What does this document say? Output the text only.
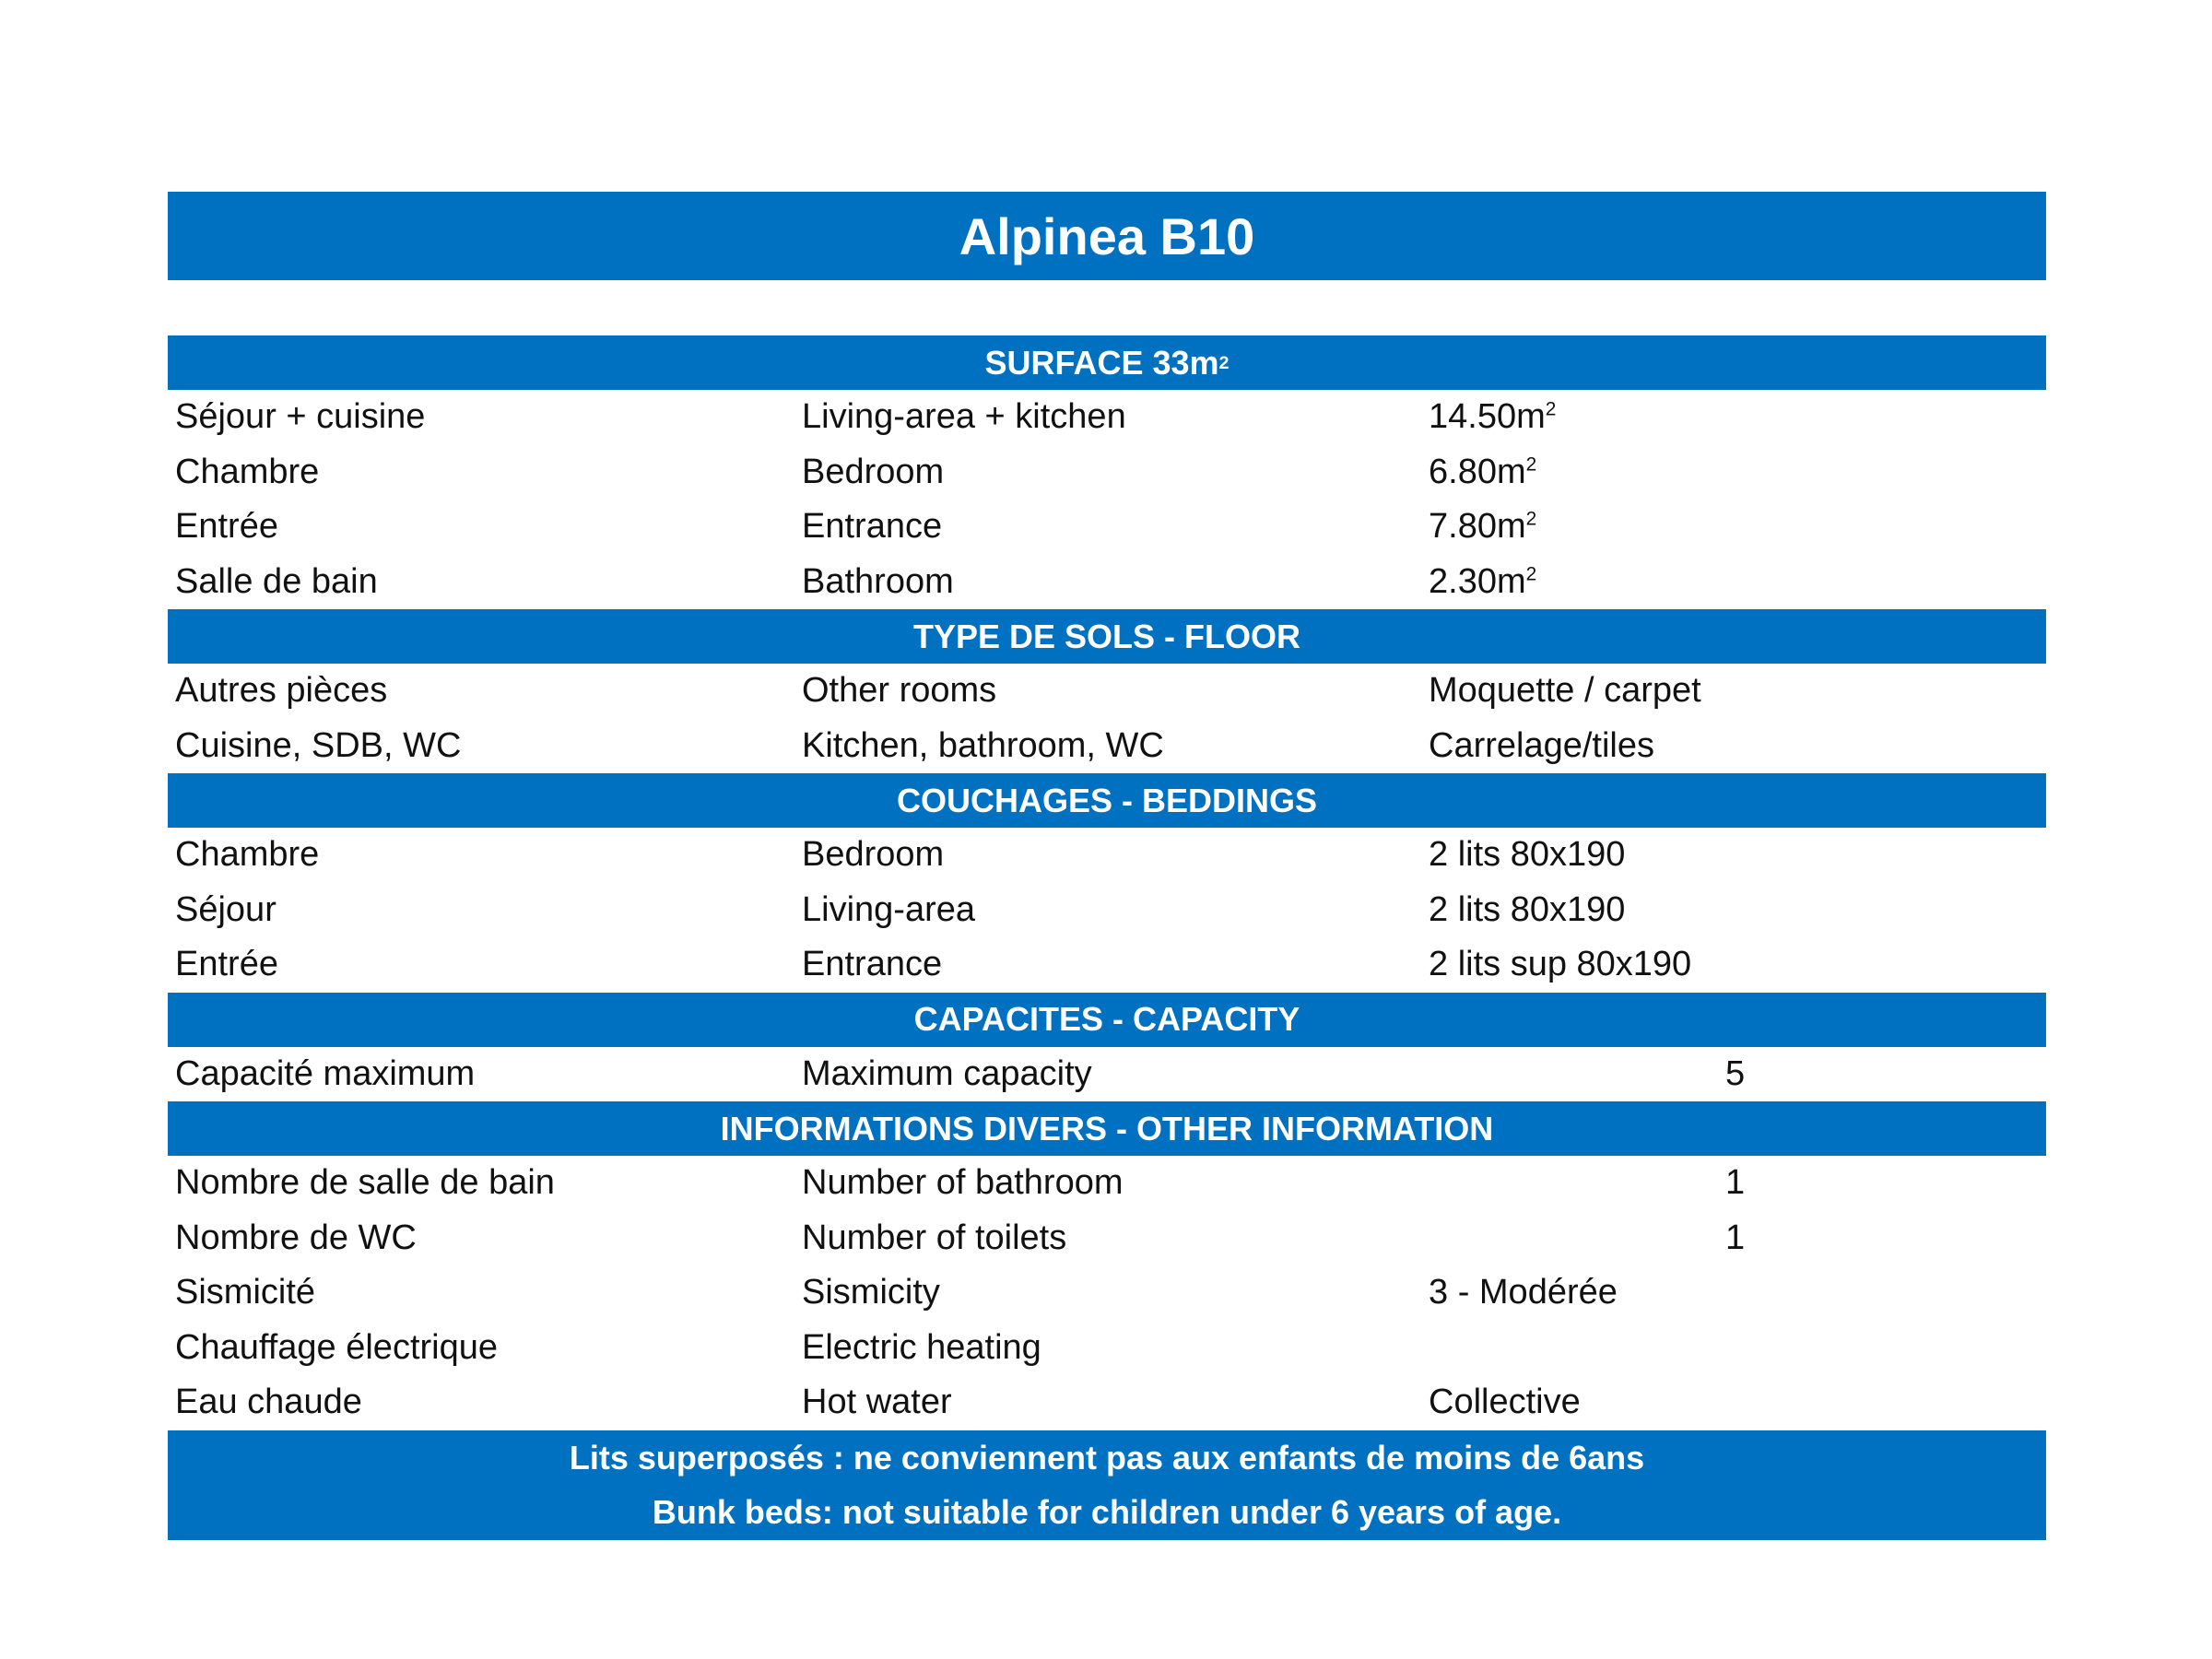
Alpinea B10
SURFACE 33m 2
Séjour + cuisine	Living-area + kitchen	$14.50m^2$
Chambre	Bedroom	$6.80m^2$
Entrée	Entrance	$7.80m^2$
Salle de bain	Bathroom	$2.30m^2$
TYPE DE SOLS - FLOOR
Autres pièces	Other rooms	Moquette / carpet
Cuisine, SDB, WC	Kitchen, bathroom, WC	Carrelage/tiles
COUCHAGES - BEDDINGS
Chambre	Bedroom	2 lits 80x190
Séjour	Living-area	2 lits 80x190
Entrée	Entrance	2 lits sup 80x190
CAPACITES - CAPACITY
Capacité maximum	Maximum capacity	5
INFORMATIONS DIVERS - OTHER INFORMATION
Nombre de salle de bain	Number of bathroom	1
Nombre de WC	Number of toilets	1
Sismicité	Sismicity	3 - Modérée
Chauffage électrique	Electric heating
Eau chaude	Hot water	Collective
Lits superposés : ne conviennent pas aux enfants de moins de 6ans
Bunk beds: not suitable for children under 6 years of age.
